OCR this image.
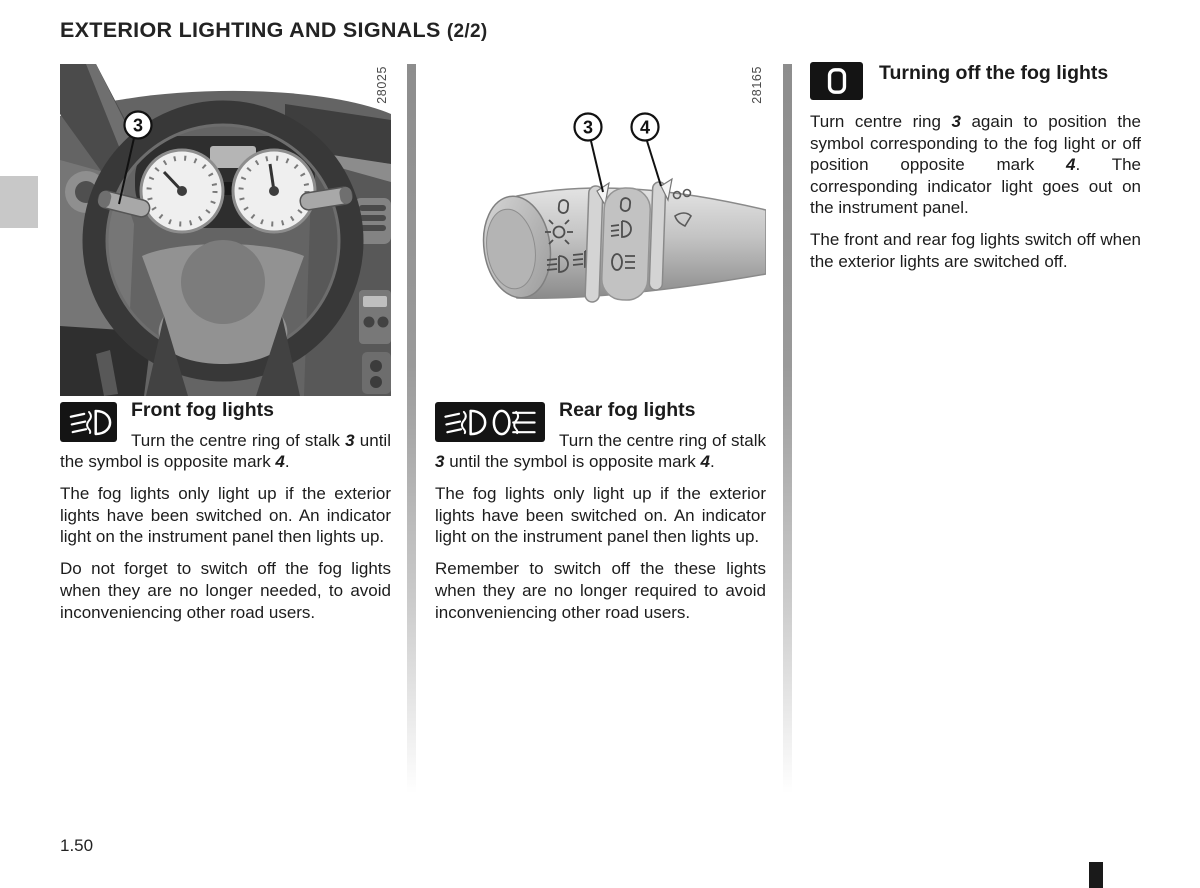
EXTERIOR LIGHTING AND SIGNALS (2/2)
3
28025
3	4
28165
Front fog lights

Turn the centre ring of stalk 3 until the symbol is opposite mark 4.

The fog lights only light up if the exterior lights have been switched on. An indicator light on the instrument panel then lights up.

Do not forget to switch off the fog lights when they are no longer needed, to avoid inconveniencing other road users.

Rear fog lights

Turn the centre ring of stalk 3 until the symbol is opposite mark 4.

The fog lights only light up if the exterior lights have been switched on. An indicator light on the instrument panel then lights up.

Remember to switch off the these lights when they are no longer required to avoid inconveniencing other road users.

Turning off the fog lights

Turn centre ring 3 again to position the symbol corresponding to the fog light or off position opposite mark 4. The corresponding indicator light goes out on the instrument panel.

The front and rear fog lights switch off when the exterior lights are switched off.

1.50
